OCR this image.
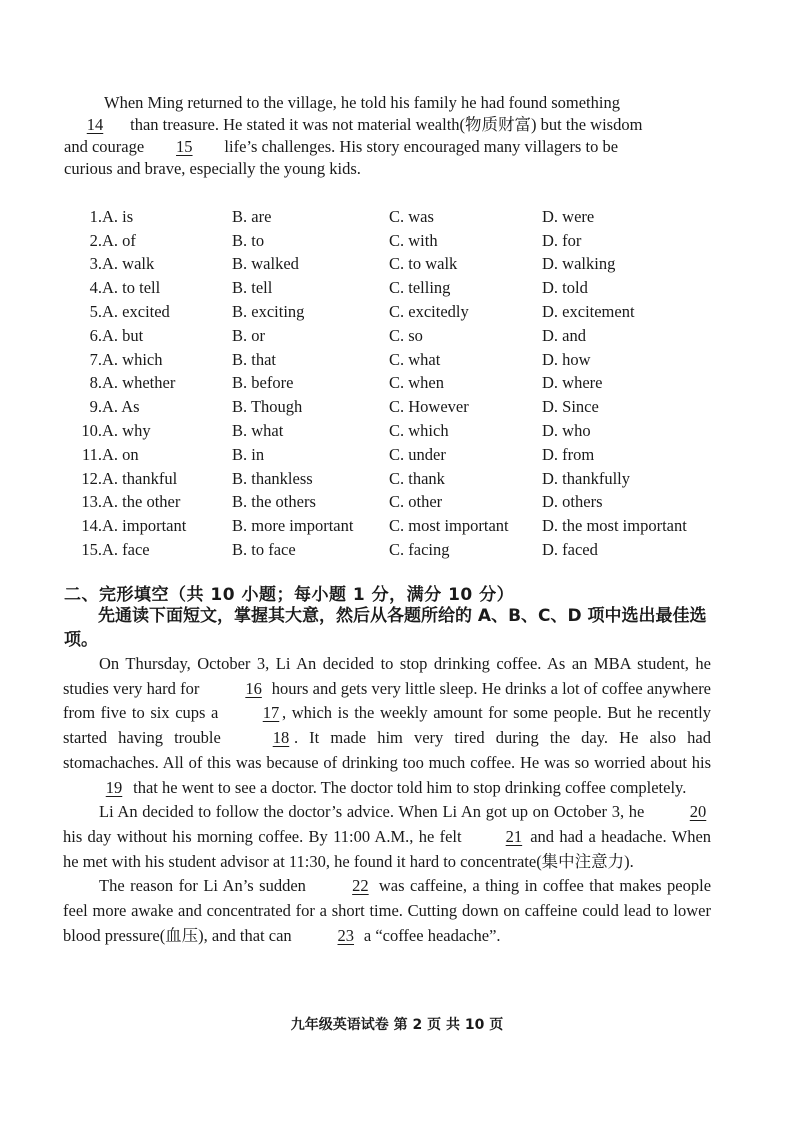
When Ming returned to the village, he told his family he had found something
14 than treasure. He stated it was not material wealth(物质财富) but the wisdom
and courage 15 life’s challenges. His story encouraged many villagers to be
curious and brave, especially the young kids.
1.	A. is	B. are	C. was	D. were
2.	A. of	B. to	C. with	D. for
3.	A. walk	B. walked	C. to walk	D. walking
4.	A. to tell	B. tell	C. telling	D. told
5.	A. excited	B. exciting	C. excitedly	D. excitement
6.	A. but	B. or	C. so	D. and
7.	A. which	B. that	C. what	D. how
8.	A. whether	B. before	C. when	D. where
9.	A. As	B. Though	C. However	D. Since
10.	A. why	B. what	C. which	D. who
11.	A. on	B. in	C. under	D. from
12.	A. thankful	B. thankless	C. thank	D. thankfully
13.	A. the other	B. the others	C. other	D. others
14.	A. important	B. more important	C. most important	D. the most important
15.	A. face	B. to face	C. facing	D. faced
二、完形填空（共 10 小题；每小题 1 分，满分 10 分）
先通读下面短文，掌握其大意，然后从各题所给的 A、B、C、D 项中选出最佳选项。

On Thursday, October 3, Li An decided to stop drinking coffee. As an MBA student, he studies very hard for	16 hours and gets very little sleep. He drinks a lot of coffee anywhere from five to six cups a	17 , which is the weekly amount for some people. But he recently started having trouble	18 . It made him very tired during the day. He also had stomachaches. All of this was because of drinking too much coffee. He was so worried about his 19 that he went to see a doctor. The doctor told him to stop drinking coffee completely.

Li An decided to follow the doctor’s advice. When Li An got up on October 3, he	20 his day without his morning coffee. By 11:00 A.M., he felt	21 and had a headache. When he met with his student advisor at 11:30, he found it hard to concentrate(集中注意力).

The reason for Li An’s sudden	22 was caffeine, a thing in coffee that makes people feel more awake and concentrated for a short time. Cutting down on caffeine could lead to lower blood pressure(血压), and that can	23 a “coffee headache”.

九年级英语试卷 第 2 页 共 10 页
